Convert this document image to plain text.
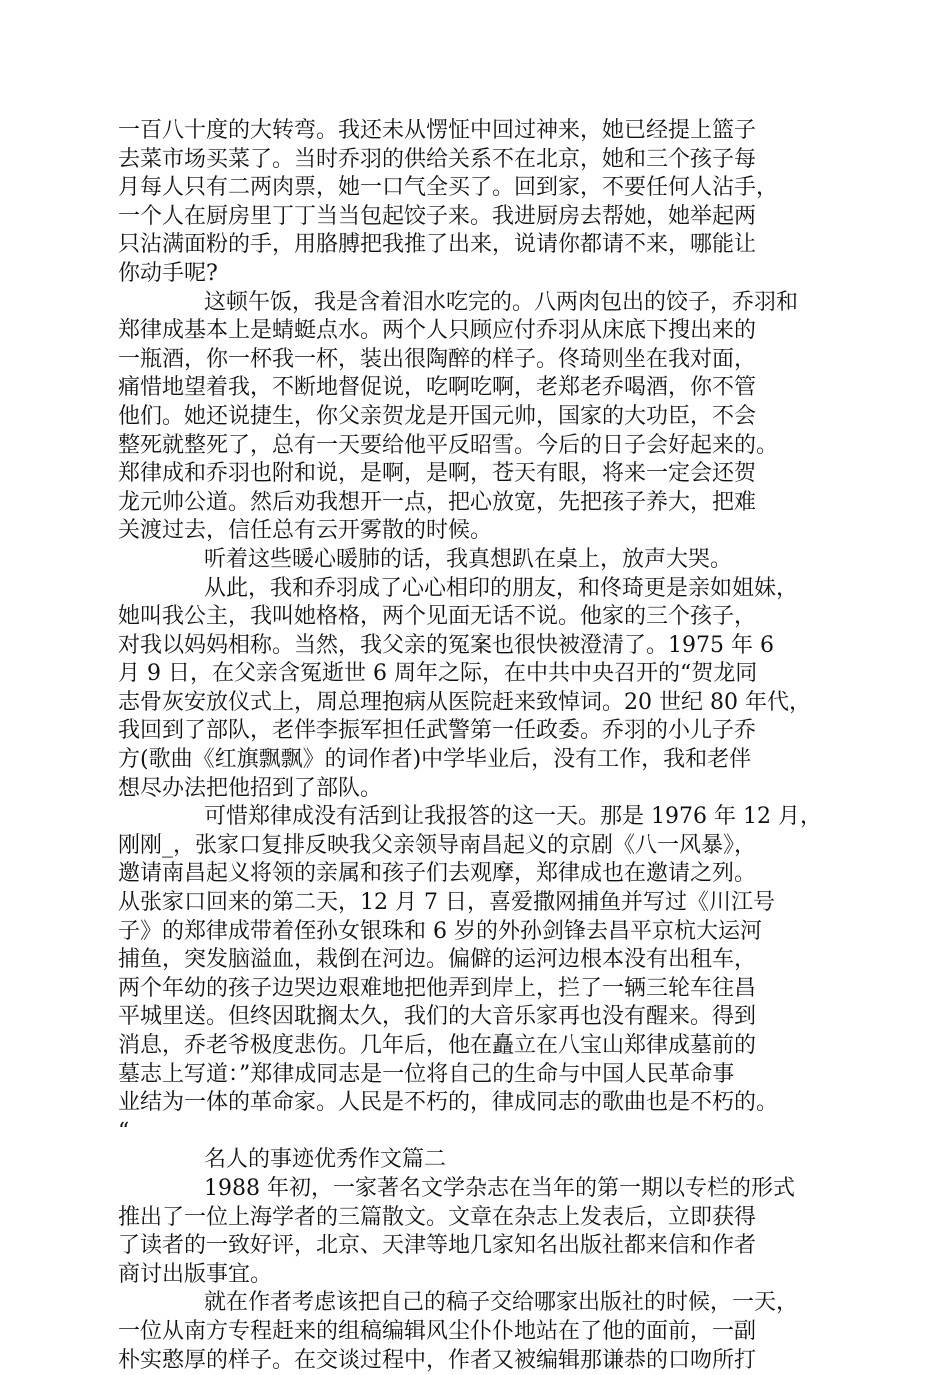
一百八十度的大转弯。我还未从愣怔中回过神来，她已经提上篮子
去菜市场买菜了。当时乔羽的供给关系不在北京，她和三个孩子每
月每人只有二两肉票，她一口气全买了。回到家，不要任何人沾手，
一个人在厨房里丁丁当当包起饺子来。我进厨房去帮她，她举起两
只沾满面粉的手，用胳膊把我推了出来，说请你都请不来，哪能让
你动手呢?
这顿午饭，我是含着泪水吃完的。八两肉包出的饺子，乔羽和
郑律成基本上是蜻蜓点水。两个人只顾应付乔羽从床底下搜出来的
一瓶酒，你一杯我一杯，装出很陶醉的样子。佟琦则坐在我对面，
痛惜地望着我，不断地督促说，吃啊吃啊，老郑老乔喝酒，你不管
他们。她还说捷生，你父亲贺龙是开国元帅，国家的大功臣，不会
整死就整死了，总有一天要给他平反昭雪。今后的日子会好起来的。
郑律成和乔羽也附和说，是啊，是啊，苍天有眼，将来一定会还贺
龙元帅公道。然后劝我想开一点，把心放宽，先把孩子养大，把难
关渡过去，信任总有云开雾散的时候。
听着这些暖心暖肺的话，我真想趴在桌上，放声大哭。
从此，我和乔羽成了心心相印的朋友，和佟琦更是亲如姐妹，
她叫我公主，我叫她格格，两个见面无话不说。他家的三个孩子，
对我以妈妈相称。当然，我父亲的冤案也很快被澄清了。1975 年 6
月 9 日，在父亲含冤逝世 6 周年之际，在中共中央召开的“贺龙同
志骨灰安放仪式上，周总理抱病从医院赶来致悼词。20 世纪 80 年代，
我回到了部队，老伴李振军担任武警第一任政委。乔羽的小儿子乔
方(歌曲《红旗飘飘》的词作者)中学毕业后，没有工作，我和老伴
想尽办法把他招到了部队。
可惜郑律成没有活到让我报答的这一天。那是 1976 年 12 月，
刚刚_，张家口复排反映我父亲领导南昌起义的京剧《八一风暴》，
邀请南昌起义将领的亲属和孩子们去观摩，郑律成也在邀请之列。
从张家口回来的第二天，12 月 7 日，喜爱撒网捕鱼并写过《川江号
子》的郑律成带着侄孙女银珠和 6 岁的外孙剑锋去昌平京杭大运河
捕鱼，突发脑溢血，栽倒在河边。偏僻的运河边根本没有出租车，
两个年幼的孩子边哭边艰难地把他弄到岸上，拦了一辆三轮车往昌
平城里送。但终因耽搁太久，我们的大音乐家再也没有醒来。得到
消息，乔老爷极度悲伤。几年后，他在矗立在八宝山郑律成墓前的
墓志上写道：”郑律成同志是一位将自己的生命与中国人民革命事
业结为一体的革命家。人民是不朽的，律成同志的歌曲也是不朽的。
“
名人的事迹优秀作文篇二
1988 年初，一家著名文学杂志在当年的第一期以专栏的形式
推出了一位上海学者的三篇散文。文章在杂志上发表后，立即获得
了读者的一致好评，北京、天津等地几家知名出版社都来信和作者
商讨出版事宜。
就在作者考虑该把自己的稿子交给哪家出版社的时候，一天，
一位从南方专程赶来的组稿编辑风尘仆仆地站在了他的面前，一副
朴实憨厚的样子。在交谈过程中，作者又被编辑那谦恭的口吻所打
